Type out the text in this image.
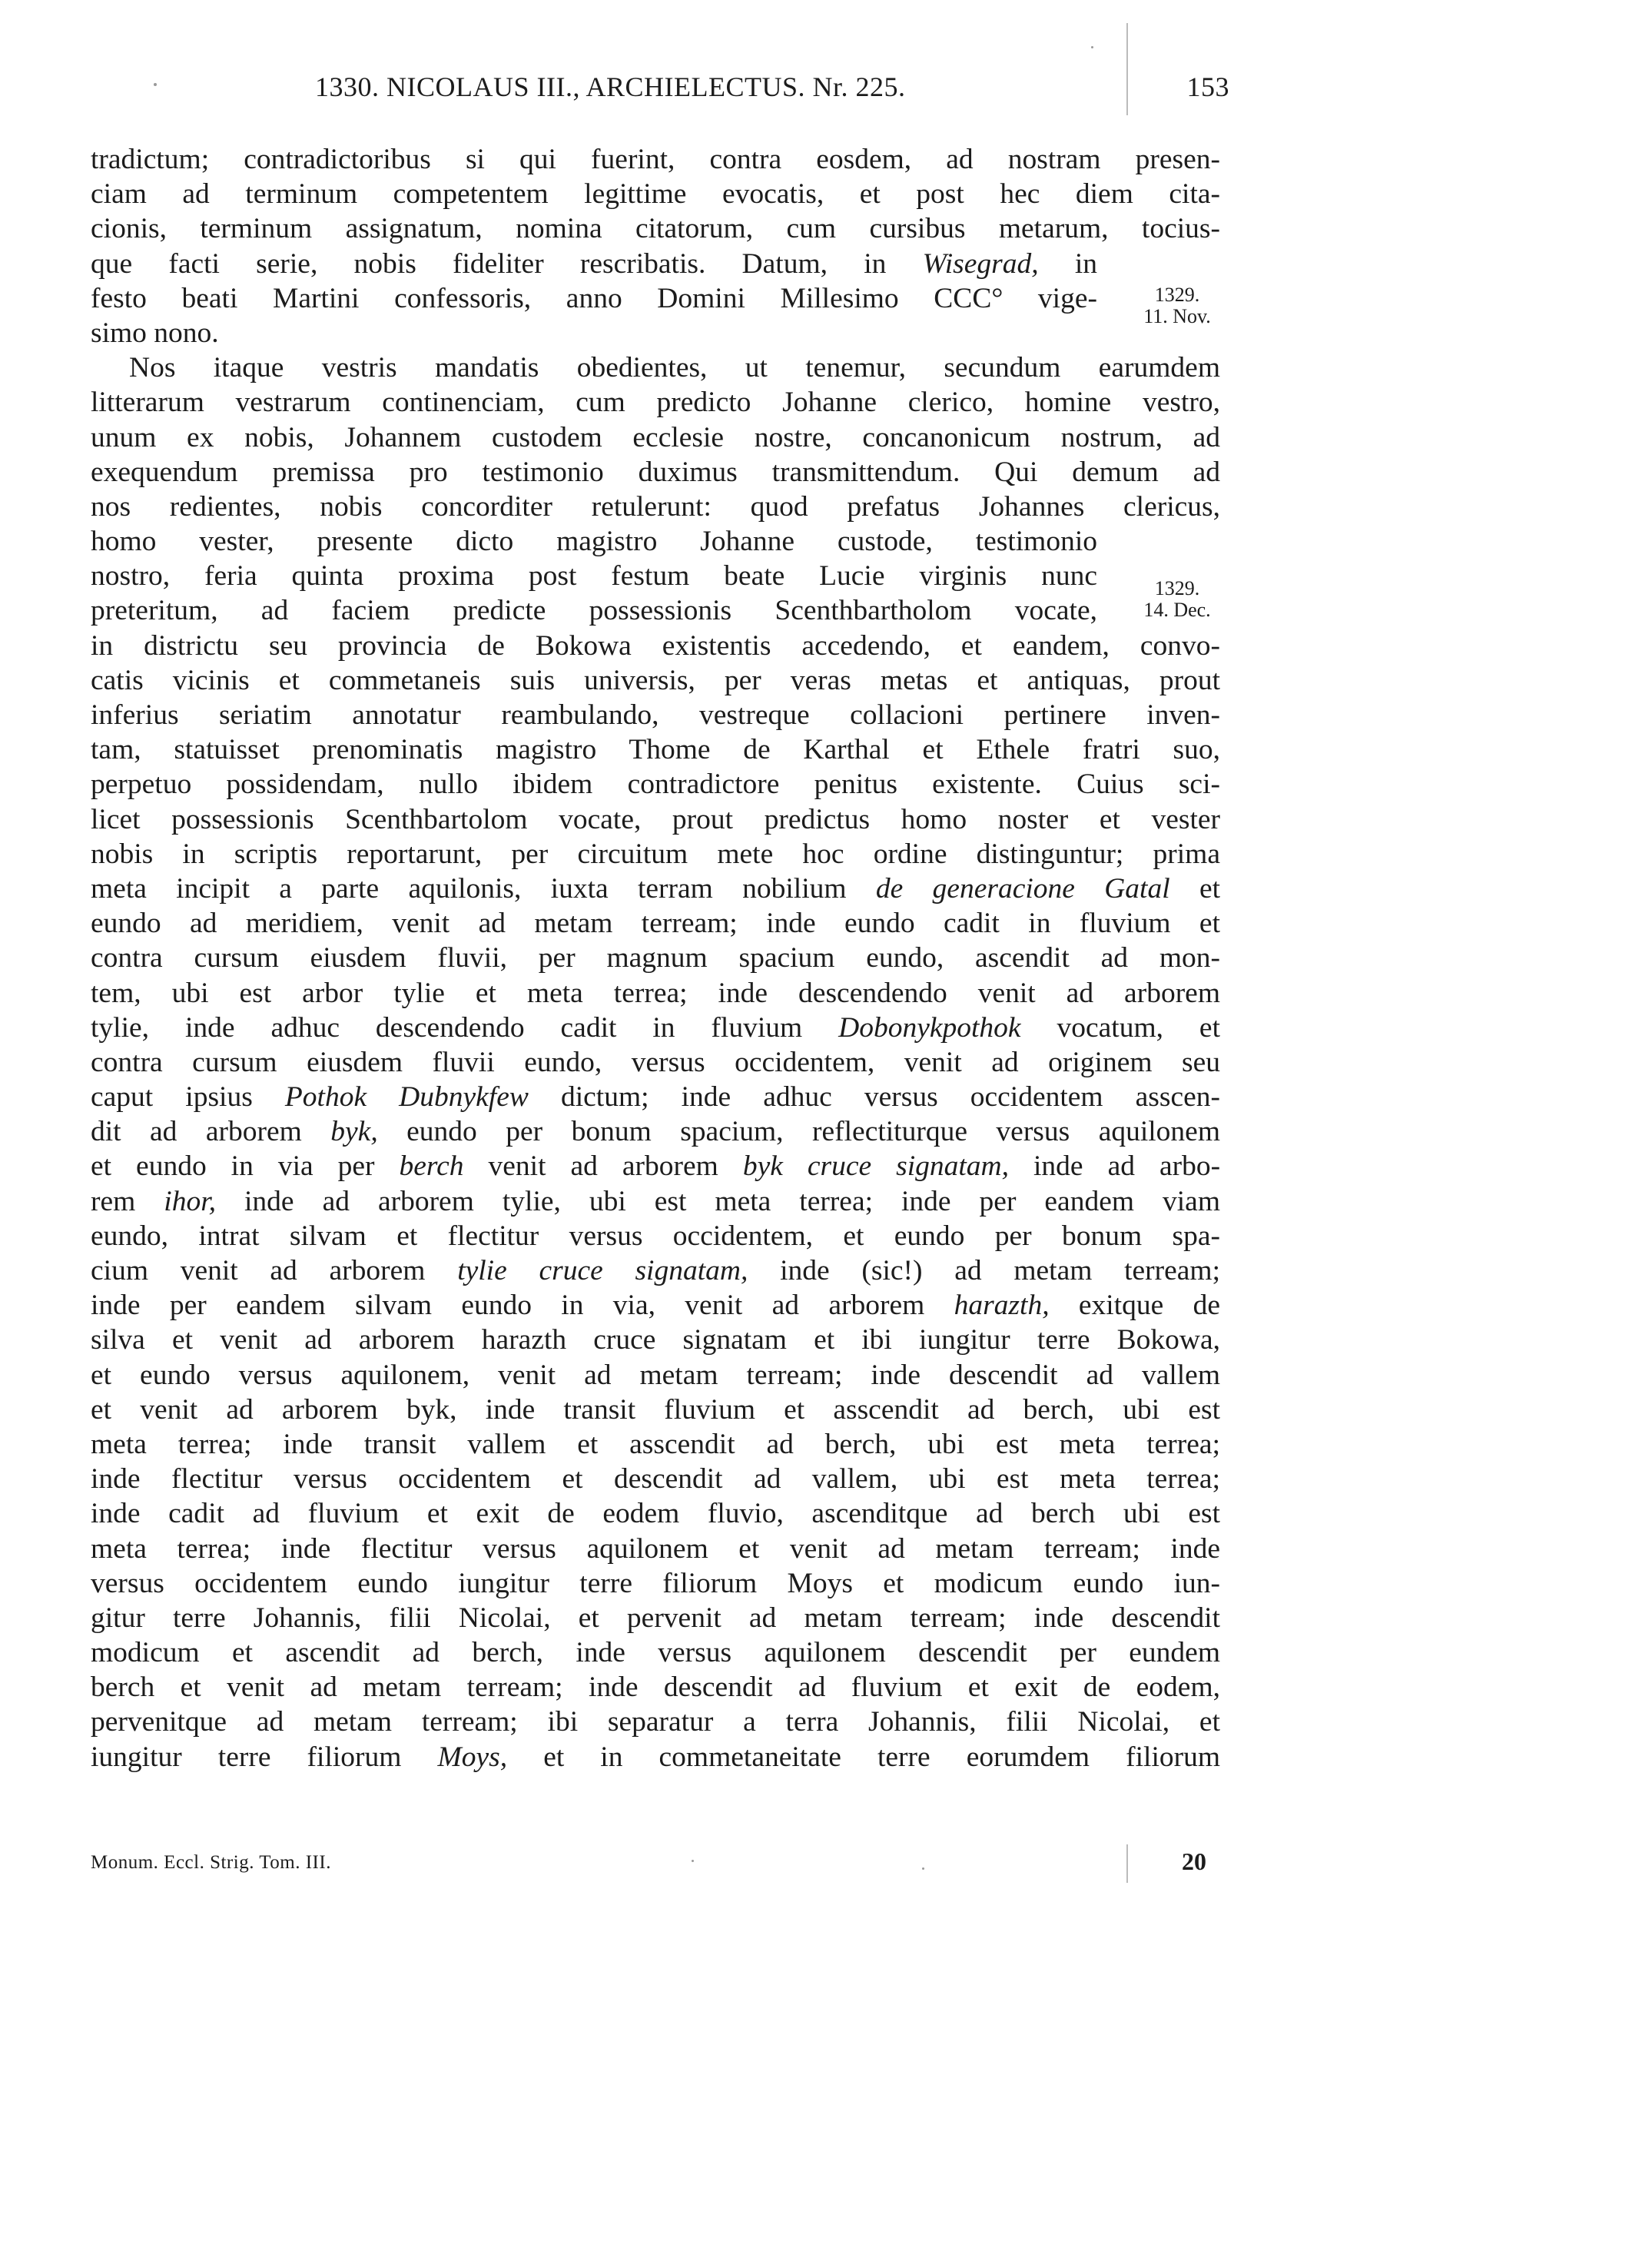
1330. NICOLAUS III., ARCHIELECTUS. Nr. 225.	153
tradictum; contradictoribus si qui fuerint, contra eosdem, ad nostram presen-
ciam ad terminum competentem legittime evocatis, et post hec diem cita-
cionis, terminum assignatum, nomina citatorum, cum cursibus metarum, tocius-
que facti serie, nobis fideliter rescribatis. Datum, in Wisegrad, in
festo beati Martini confessoris, anno Domini Millesimo CCC° vige-
simo nono.
Nos itaque vestris mandatis obedientes, ut tenemur, secundum earumdem
litterarum vestrarum continenciam, cum predicto Johanne clerico, homine vestro,
unum ex nobis, Johannem custodem ecclesie nostre, concanonicum nostrum, ad
exequendum premissa pro testimonio duximus transmittendum. Qui demum ad
nos redientes, nobis concorditer retulerunt: quod prefatus Johannes clericus,
homo vester, presente dicto magistro Johanne custode, testimonio
nostro, feria quinta proxima post festum beate Lucie virginis nunc
preteritum, ad faciem predicte possessionis Scenthbartholom vocate,
in districtu seu provincia de Bokowa existentis accedendo, et eandem, convo-
catis vicinis et commetaneis suis universis, per veras metas et antiquas, prout
inferius seriatim annotatur reambulando, vestreque collacioni pertinere inven-
tam, statuisset prenominatis magistro Thome de Karthal et Ethele fratri suo,
perpetuo possidendam, nullo ibidem contradictore penitus existente. Cuius sci-
licet possessionis Scenthbartolom vocate, prout predictus homo noster et vester
nobis in scriptis reportarunt, per circuitum mete hoc ordine distinguntur; prima
meta incipit a parte aquilonis, iuxta terram nobilium de generacione Gatal et
eundo ad meridiem, venit ad metam terream; inde eundo cadit in fluvium et
contra cursum eiusdem fluvii, per magnum spacium eundo, ascendit ad mon-
tem, ubi est arbor tylie et meta terrea; inde descendendo venit ad arborem
tylie, inde adhuc descendendo cadit in fluvium Dobonykpothok vocatum, et
contra cursum eiusdem fluvii eundo, versus occidentem, venit ad originem seu
caput ipsius Pothok Dubnykfew dictum; inde adhuc versus occidentem asscen-
dit ad arborem byk, eundo per bonum spacium, reflectiturque versus aquilonem
et eundo in via per berch venit ad arborem byk cruce signatam, inde ad arbo-
rem ihor, inde ad arborem tylie, ubi est meta terrea; inde per eandem viam
eundo, intrat silvam et flectitur versus occidentem, et eundo per bonum spa-
cium venit ad arborem tylie cruce signatam, inde (sic!) ad metam terream;
inde per eandem silvam eundo in via, venit ad arborem harazth, exitque de
silva et venit ad arborem harazth cruce signatam et ibi iungitur terre Bokowa,
et eundo versus aquilonem, venit ad metam terream; inde descendit ad vallem
et venit ad arborem byk, inde transit fluvium et asscendit ad berch, ubi est
meta terrea; inde transit vallem et asscendit ad berch, ubi est meta terrea;
inde flectitur versus occidentem et descendit ad vallem, ubi est meta terrea;
inde cadit ad fluvium et exit de eodem fluvio, ascenditque ad berch ubi est
meta terrea; inde flectitur versus aquilonem et venit ad metam terream; inde
versus occidentem eundo iungitur terre filiorum Moys et modicum eundo iun-
gitur terre Johannis, filii Nicolai, et pervenit ad metam terream; inde descendit
modicum et ascendit ad berch, inde versus aquilonem descendit per eundem
berch et venit ad metam terream; inde descendit ad fluvium et exit de eodem,
pervenitque ad metam terream; ibi separatur a terra Johannis, filii Nicolai, et
iungitur terre filiorum Moys, et in commetaneitate terre eorumdem filiorum
1329.
11. Nov.
1329.
14. Dec.
Monum. Eccl. Strig. Tom. III.	20
